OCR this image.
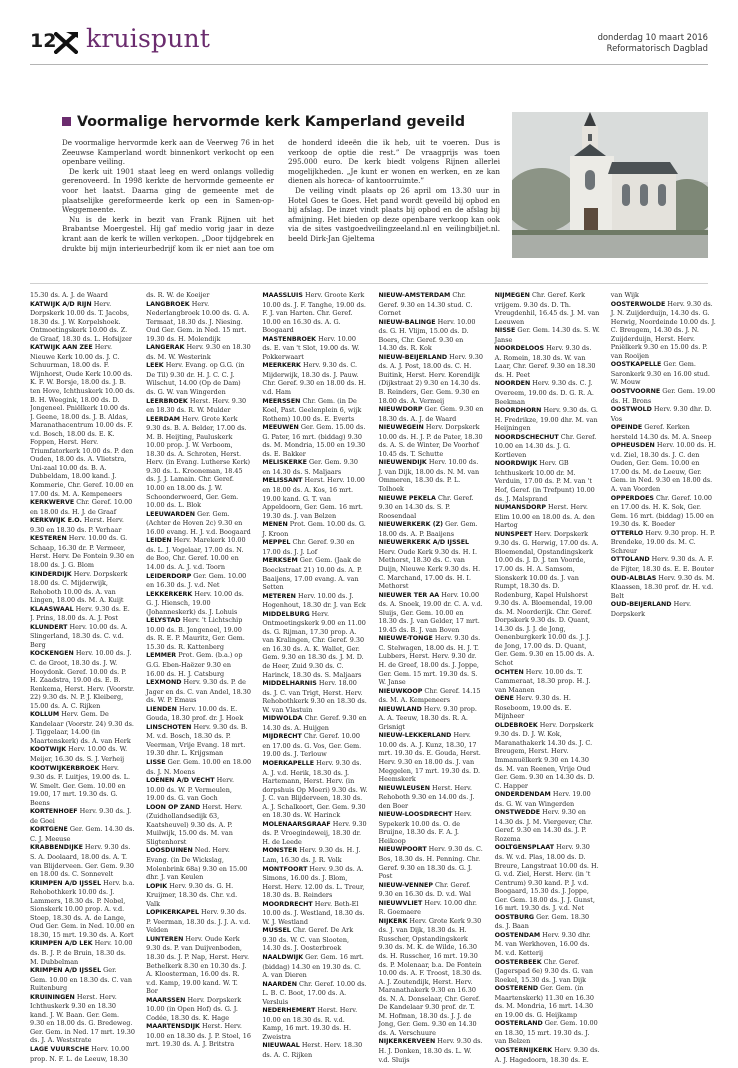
12 kruispunt	donderdag 10 maart 2016
Reformatorisch Dagblad
Voormalige hervormde kerk Kamperland geveild

De voormalige hervormde kerk aan de Veerweg 76 in het Zeeuwse Kamperland wordt binnenkort verkocht op een openbare veiling.

De kerk uit 1901 staat leeg en werd onlangs volledig gerenoveerd. In 1998 kerkte de hervormde gemeente er voor het laatst. Daarna ging de gemeente met de plaatselijke gereformeerde kerk op een in Samen-op-Weggemeente.

Nu is de kerk in bezit van Frank Rijnen uit het Brabantse Moergestel. Hij gaf medio vorig jaar in deze krant aan de kerk te willen verkopen. „Door tijdgebrek en drukte bij mijn interieurbedrijf kom ik er niet aan toe om de honderd ideeën die ik heb, uit te voeren. Dus is verkoop de optie die rest.” De vraagprijs was toen 295.000 euro. De kerk biedt volgens Rijnen allerlei mogelijkheden. „Je kunt er wonen en werken, en ze kan dienen als horeca- of kantoorruimte.”

De veiling vindt plaats op 26 april om 13.30 uur in Hotel Goes te Goes. Het pand wordt geveild bij opbod en bij afslag. De inzet vindt plaats bij opbod en de afslag bij afmijning. Het bieden op deze openbare verkoop kan ook via de sites vastgoedveilingzeeland.nl en veilingbiljet.nl. beeld Dirk-Jan Gjeltema

15.30 ds. A. J. de Waard

KATWIJK A/D RIJN Herv. Dorpskerk 10.00 ds. T. Jacobs, 18.30 ds. J. W. Korpelshoek. Ontmoetingskerk 10.00 ds. Z. de Graaf, 18.30 ds. L. Hofsijzer

KATWIJK AAN ZEE Herv. Nieuwe Kerk 10.00 ds. J. C. Schuurman, 18.00 ds. F. Wijnhorst, Oude Kerk 10.00 ds. K. F. W. Borsje, 18.00 ds. J. B. ten Hove, Ichthuskerk 10.00 ds. B. H. Weegink, 18.00 ds. D. Jongeneel. Pniëlkerk 10.00 ds. J. Geene, 18.00 ds. J. B. Aldas, Maranathacentrum 10.00 ds. F. v.d. Bosch, 18.00 ds. E. K. Foppen, Herst. Herv. Triumfatorkerk 10.00 ds. P. den Ouden, 18.00 ds. A. Vlietstra, Uni-zaal 10.00 ds. B. A. Dubbeldam, 18.00 kand. J. Kommerie, Chr. Geref. 10.00 en 17.00 ds. M. A. Kempeneers

KERKWERVE Chr. Geref. 10.00 en 18.00 ds. H. J. de Graaf

KERKWIJK E.O. Herst. Herv. 9.30 en 18.30 ds. P. Verhaar

KESTEREN Herv. 10.00 ds. G. Schaap, 16.30 dr. P. Vermeer, Herst. Herv. De Fontein 9.30 en 18.00 ds. J. G. Blom

KINDERDIJK Herv. Dorpskerk 18.00 ds. C. Mijderwijk, Rehoboth 10.00 ds. A. van Lingen, 18.00 ds. M. A. Kuijt

KLAASWAAL Herv. 9.30 ds. E. J. Prins, 18.00 ds. A. J. Post

KLUNDERT Herv. 10.00 ds. A. Slingerland, 18.30 ds. C. v.d. Berg

KOCKENGEN Herv. 10.00 ds. J. C. de Groot, 18.30 ds. J. W. Hooydonk. Geref. 10.00 ds. P. H. Zaadstra, 19.00 ds. E. B. Renkema, Herst. Herv. (Voorstr. 22) 9.30 ds. N. P. J. Kleiberg, 15.00 ds. A. C. Rijken

KOLLUM Herv. Gem. De Kandelaar (Voorstr. 24) 9.30 ds. J. Tiggelaar, 14.00 (in Maartenskerk) ds. A. van Herk

KOOTWIJK Herv. 10.00 ds. W. Meijer, 16.30 ds. S. J. Verheij

KOOTWIJKERBROEK Herv. 9.30 ds. F. Luitjes, 19.00 ds. L. W. Smelt. Ger. Gem. 10.00 en 19.00, 17 mrt. 19.30 ds. G. Beens

KORTENHOEF Herv. 9.30 ds. J. de Goei

KORTGENE Ger. Gem. 14.30 ds. C. J. Meeuse

KRABBENDIJKE Herv. 9.30 ds. S. A. Doolaard, 18.00 ds. A. T. van Blijderveen. Ger. Gem. 9.30 en 18.00 ds. C. Sonnevelt

KRIMPEN A/D IJSSEL Herv. b.a. Rehobothkerk 10.00 ds. J. Lammers, 18.30 ds. P. Nobel, Sionskerk 10.00 prop. A. v.d. Stoep, 18.30 ds. A. de Lange, Oud Ger. Gem. in Ned. 10.00 en 18.30, 15 mrt. 19.30 ds. A. Kort

KRIMPEN A/D LEK Herv. 10.00 ds. B. J. P. de Bruin, 18.30 ds. M. Dubbelman

KRIMPEN A/D IJSSEL Ger. Gem. 10.00 en 18.30 ds. C. van Ruitenburg

KRUININGEN Herst. Herv. Ichthuskerk 9.30 en 18.30 kand. J. W. Baan. Ger. Gem. 9.30 en 18.00 ds. G. Bredeweg. Ger. Gem. in Ned. 17 mrt. 19.30 ds. J. A. Weststrate

LAGE VUURSCHE Herv. 10.00 prop. N. F. L. de Leeuw, 18.30 ds. R. W. de Koeijer

LANGBROEK Herv. Nederlangbroek 10.00 ds. G. A. Termaat, 18.30 ds. J. Niesing. Oud Ger. Gem. in Ned. 15 mrt. 19.30 ds. H. Molendijk

LANGERAK Herv. 9.30 en 18.30 ds. M. W. Westerink

LEEK Herv. Evang. op G.G. (in De Til) 9.30 dr. H. J. C. C. J. Wilschut, 14.00 (Op de Dam) ds. G. W. van Wingerden

LEERBROEK Herst. Herv. 9.30 en 18.30 ds. R. W. Mulder

LEERDAM Herv. Grote Kerk 9.30 ds. B. A. Belder, 17.00 ds. M. B. Heijting, Pauluskerk 10.00 prop. J. W. Verboom, 18.30 ds. A. Schroten, Herst. Herv. (in Evang. Lutherse Kerk) 9.30 ds. L. Krooneman, 18.45 ds. J. J. Lamain. Chr. Geref. 10.00 en 18.00 ds. J. W. Schoonderwoerd, Ger. Gem. 10.00 ds. L. Blok

LEEUWARDEN Ger. Gem. (Achter de Hoven 2c) 9.30 en 16.00 evang. H. J. v.d. Boogaard

LEIDEN Herv. Marekerk 10.00 ds. L. J. Vogelaar, 17.00 ds. N. de Boo, Chr. Geref. 10.00 en 14.00 ds. A. J. v.d. Toorn

LEIDERDORP Ger. Gem. 10.00 en 16.30 ds. J. v.d. Net

LEKKERKERK Herv. 10.00 ds. G. J. Hiensch, 19.00 (Johanneskerk) ds. J. Lohuis

LELYSTAD Herv. 't Lichtschip 10.00 ds. B. Jongeneel, 19.00 ds. R. E. P. Mauritz, Ger. Gem. 15.30 ds. R. Kattenberg

LEMMER Prot. Gem. (b.a.) op G.G. Eben-Haëzer 9.30 en 16.00 ds. H. J. Catsburg

LEXMOND Herv. 9.30 ds. P. de Jager en ds. C. van Andel, 18.30 ds. W. P. Emaus

LIENDEN Herv. 10.00 ds. E. Gouda, 18.30 prof. dr. J. Hoek

LINSCHOTEN Herv. 9.30 ds. B. M. v.d. Bosch, 18.30 ds. P. Veerman, Vrije Evang. 18 mrt. 19.30 dhr. L. Krijgsman

LISSE Ger. Gem. 10.00 en 18.00 ds. J. N. Moens

LOENEN A/D VECHT Herv. 10.00 ds. W. P. Vermeulen, 19.00 ds. G. van Goch

LOON OP ZAND Herst. Herv. (Zuidhollandsedijk 63, Kaatsheuvel) 9.30 ds. A. P. Muilwijk, 15.00 ds. M. van Sligtenhorst

LOOSDUINEN Ned. Herv. Evang. (in De Wickslag, Molenbrink 68a) 9.30 en 15.00 dhr. J. van Keulen

LOPIK Herv. 9.30 ds. G. H. Kruijmer, 18.30 ds. Chr. v.d. Valk

LOPIKERKAPEL Herv. 9.30 ds. P. Veerman, 18.30 ds. J. J. A. v.d. Velden

LUNTEREN Herv. Oude Kerk 9.30 ds. P. van Duijvenboden, 18.30 ds. J. P. Nap, Herst. Herv. Bethelkerk 8.30 en 10.30 ds. J. A. Kloosterman, 16.00 ds. R. v.d. Kamp, 19.00 kand. W. T. Bor

MAARSSEN Herv. Dorpskerk 10.00 (in Open Hof) ds. G. J. Codée, 18.30 ds. K. Hage

MAARTENSDIJK Herst. Herv. 10.00 en 18.30 ds. J. P. Stoel, 16 mrt. 19.30 ds. A. J. Britstra

MAASSLUIS Herv. Groote Kerk 10.00 ds. J. F. Tanghe, 19.00 ds. F. J. van Harten. Chr. Geref. 10.00 en 16.30 ds. A. G. Boogaard

MASTENBROEK Herv. 10.00 ds. E. van 't Slot, 19.00 ds. W. Pokkerwaart

MEERKERK Herv. 9.30 ds. C. Mijderwijk, 18.30 ds. J. Pauw. Chr. Geref. 9.30 en 18.00 ds. H. v.d. Ham

MEERSSEN Chr. Gem. (in De Koel, Past. Geelenplein 6, wijk Rothem) 10.00 ds. E. Everts

MEEUWEN Ger. Gem. 15.00 ds. G. Pater, 16 mrt. (biddag) 9.30 ds. M. Mondria, 15.00 en 19.30 ds. E. Bakker

MELISKERKE Ger. Gem. 9.30 en 14.30 ds. S. Maljaars

MELISSANT Herst. Herv. 10.00 en 18.00 ds. A. Kos, 16 mrt. 19.00 kand. G. T. van Appeldoorn, Ger. Gem. 16 mrt. 19.30 ds. J. van Belzen

MENEN Prot. Gem. 10.00 ds. G. J. Kroon

MEPPEL Chr. Geref. 9.30 en 17.00 ds. J. J. Lof

MERKSEM Ger. Gem. (Jaak de Boeckstraat 21) 10.00 ds. A. P. Baaijens, 17.00 evang. A. van Setten

METEREN Herv. 10.00 ds. J. Hogenhout, 18.30 dr. J. van Eck

MIDDELBURG Herv. Ontmoetingskerk 9.00 en 11.00 ds. G. Rijman, 17.30 prop. A. van Kralingen, Chr. Geref. 9.30 en 16.30 ds. A. K. Wallet, Ger. Gem. 9.30 en 18.30 ds. J. M. D. de Heer, Zuid 9.30 ds. C. Harinck, 18.30 ds. S. Maljaars

MIDDELHARNIS Herv. 18.00 ds. J. C. van Trigt, Herst. Herv. Rehobothkerk 9.30 en 18.30 ds. W. van Vlastuin

MIDWOLDA Chr. Geref. 9.30 en 14.30 ds. A. Huijgen

MIJDRECHT Chr. Geref. 10.00 en 17.00 ds. G. Vos, Ger. Gem. 19.00 ds. J. Terlouw

MOERKAPELLE Herv. 9.30 ds. A. J. v.d. Herik, 18.30 ds. J. Hartemann, Herst. Herv. (in dorpshuis Op Moeri) 9.30 ds. W. J. C. van Blijderveen, 18.30 ds. A. J. Schalkoort, Ger. Gem. 9.30 en 18.30 ds. W. Harinck

MOLENAARSGRAAF Herv. 9.30 ds. P. Vroegindeweij, 18.30 dr. H. de Leede

MONSTER Herv. 9.30 ds. H. J. Lam, 16.30 ds. J. R. Volk

MONTFOORT Herv. 9.30 ds. A. Simons, 16.00 ds. J. Blom, Herst. Herv. 12.00 ds. L. Treur, 18.30 ds. B. Reinders

MOORDRECHT Herv. Beth-El 10.00 ds. J. Westland, 18.30 ds. W. J. Westland

MUSSEL Chr. Geref. De Ark 9.30 ds. W. C. van Slooten, 14.30 ds. J. Oosterbroek

NAALDWIJK Ger. Gem. 16 mrt. (biddag) 14.30 en 19.30 ds. C. A. van Dieren

NAARDEN Chr. Geref. 10.00 ds. L. B. C. Boot, 17.00 ds. A. Versluis

NEDERHEMERT Herst. Herv. 10.00 en 18.30 ds. R. v.d. Kamp, 16 mrt. 19.30 ds. H. Zweistra

NIEUWAAL Herst. Herv. 18.30 ds. A. C. Rijken

NIEUW-AMSTERDAM Chr. Geref. 9.30 en 14.30 stud. C. Cornet

NIEUW-BALINGE Herv. 10.00 ds. G. H. Vlijm, 15.00 ds. D. Boers, Chr. Geref. 9.30 en 14.30 ds. R. Kok

NIEUW-BEIJERLAND Herv. 9.30 ds. A. J. Post, 18.00 ds. C. H. Buitink, Herst. Herv. Korendijk (Dijkstraat 2) 9.30 en 14.30 ds. B. Reinders, Ger. Gem. 9.30 en 18.00 ds. A. Vermeij

NIEUWDORP Ger. Gem. 9.30 en 18.30 ds. A. J. de Waard

NIEUWEGEIN Herv. Dorpskerk 10.00 ds. H. J. P. de Pater, 18.30 ds. A. S. de Winter, De Voorhof 10.45 ds. T. Schutte

NIEUWENDIJK Herv. 10.00 ds. J. van Dijk, 18.00 ds. N. M. van Ommeren, 18.30 ds. P. L. Tolhoek

NIEUWE PEKELA Chr. Geref. 9.30 en 14.30 ds. S. P. Roosendaal

NIEUWERKERK (Z) Ger. Gem. 18.00 ds. A. P. Baaijens

NIEUWERKERK A/D IJSSEL Herv. Oude Kerk 9.30 ds. H. I. Methorst, 18.30 ds. C. van Duijn, Nieuwe Kerk 9.30 ds. H. C. Marchand, 17.00 ds. H. I. Methorst

NIEUWER TER AA Herv. 10.00 ds. A. Snoek, 19.00 dr. C. A. v.d. Sluijs, Ger. Gem. 10.00 en 18.30 ds. J. van Gelder, 17 mrt. 19.45 ds. B. J. van Boven

NIEUWE-TONGE Herv. 9.30 ds. C. Stelwagen, 18.00 ds. H. J. T. Lubbers, Herst. Herv. 9.30 dr. H. de Greef, 18.00 ds. J. Joppe, Ger. Gem. 15 mrt. 19.30 ds. S. W. Janse

NIEUWKOOP Chr. Geref. 14.15 ds. M. A. Kempeneers

NIEUWLAND Herv. 9.30 prop. A. A. Teeuw, 18.30 ds. R. A. Grisnigt

NIEUW-LEKKERLAND Herv. 10.00 ds. A. J. Kunz, 18.30, 17 mrt. 19.30 ds. E. Gouda, Herst. Herv. 9.30 en 18.00 ds. J. van Meggelen, 17 mrt. 19.30 ds. D. Heemskerk

NIEUWLEUSEN Herst. Herv. Rehoboth 9.30 en 14.00 ds. J. den Boer

NIEUW-LOOSDRECHT Herv. Sypekerk 10.00 ds. O. de Bruijne, 18.30 ds. F. A. J. Heikoop

NIEUWPOORT Herv. 9.30 ds. C. Bos, 18.30 ds. H. Penning. Chr. Geref. 9.30 en 18.30 ds. G. J. Post

NIEUW-VENNEP Chr. Geref. 9.30 en 16.30 ds. D. v.d. Wal

NIEUWVLIET Herv. 10.00 dhr. R. Goemaere

NIJKERK Herv. Grote Kerk 9.30 ds. J. van Dijk, 18.30 ds. H. Russcher, Opstandingskerk 9.30 ds. M. K. de Wilde, 16.30 ds. H. Russcher, 16 mrt. 19.30 ds. P. Molenaar, b.a. De Fontein 10.00 ds. A. F. Troost, 18.30 ds. A. J. Zoutendijk, Herst. Herv. Maranathakerk 9.30 en 16.30 ds. N. A. Donselaar, Chr. Geref. De Kandelaar 9.30 prof. dr. T. M. Hofman, 18.30 ds. J. J. de Jong, Ger. Gem. 9.30 en 14.30 ds. A. Verschuure

NIJKERKERVEEN Herv. 9.30 ds. H. J. Donken, 18.30 ds. L. W. v.d. Sluijs

NIJMEGEN Chr. Geref. Kerk vrijgem. 9.30 ds. D. Th. Vreugdenhil, 16.45 ds. J. M. van Leeuwen

NISSE Ger. Gem. 14.30 ds. S. W. Janse

NOORDELOOS Herv. 9.30 ds. A. Romein, 18.30 ds. W. van Laar, Chr. Geref. 9.30 en 18.30 ds. H. Peet

NOORDEN Herv. 9.30 ds. C. J. Overeem, 19.00 ds. D. G. R. A. Beekman

NOORDHORN Herv. 9.30 ds. G. H. Fredrikze, 19.00 dhr. M. van Heijningen

NOORDSCHECHUT Chr. Geref. 10.00 en 14.30 ds. J. G. Kortleven

NOORDWIJK Herv. GB Ichthuskerk 10.00 dr. M. Verduin, 17.00 ds. P. M. van 't Hof, Geref. (in Trefpunt) 10.00 ds. J. Malsprand

NUMANSDORP Herst. Herv. Elim 10.00 en 18.00 ds. A. den Hartog

NUNSPEET Herv. Dorpskerk 9.30 ds. G. Herwig, 17.00 ds. A. Bloemendal, Opstandingskerk 10.00 ds. J. D. J. ten Voorde, 17.00 ds. H. A. Samsom, Sionskerk 10.00 ds. J. van Rumpt, 18.30 ds. D. Rodenburg, Kapel Hulshorst 9.30 ds. A. Bloemendal, 19.00 ds. M. Noorderijk. Chr. Geref. Dorpskerk 9.30 ds. D. Quant, 14.30 ds. J. J. de Jong, Oenenburgkerk 10.00 ds. J. J. de Jong, 17.00 ds. D. Quant, Ger. Gem. 9.30 en 15.00 ds. A. Schot

OCHTEN Herv. 10.00 ds. T. Cammeraat, 18.30 prop. H. J. van Maanen

OENE Herv. 9.30 ds. H. Roseboom, 19.00 ds. E. Mijnheer

OLDEBROEK Herv. Dorpskerk 9.30 ds. D. J. W. Kok, Maranathakerk 14.30 ds. J. C. Breugem, Herst. Herv. Immanuëlkerk 9.30 en 14.30 ds. M. van Reenen, Vrije Oud Ger. Gem. 9.30 en 14.30 ds. D. C. Happer

ONDERDENDAM Herv. 19.00 ds. G. W. van Wingerden

ONSTWEDDE Herv. 9.30 en 14.30 ds. J. M. Viergever, Chr. Geref. 9.30 en 14.30 ds. J. P. Rozema

OOLTGENSPLAAT Herv. 9.30 ds. W. v.d. Plas, 18.00 ds. D. Breure, Langstraat 10.00 ds. H. G. v.d. Ziel, Herst. Herv. (in 't Centrum) 9.30 kand. P. J. v.d. Boogaard, 15.30 ds. J. Joppe, Ger. Gem. 18.00 ds. J. J. Gunst, 16 mrt. 19.30 ds. J. v.d. Net

OOSTBURG Ger. Gem. 18.30 ds. J. Baan

OOSTENDAM Herv. 9.30 dhr. M. van Werkhoven, 16.00 ds. M. v.d. Ketterij

OOSTERBEEK Chr. Geref. (Jagerspad 6e) 9.30 ds. G. van Roekel, 15.30 ds. J. van Dijk

OOSTEREND Ger. Gem. (in Maartenskerk) 11.30 en 16.30 ds. M. Mondria, 16 mrt. 14.30 en 19.00 ds. G. Heijkamp

OOSTERLAND Ger. Gem. 10.00 en 18.30, 15 mrt. 19.30 ds. J. van Belzen

OOSTERNIJKERK Herv. 9.30 ds. A. J. Hagedoorn, 18.30 ds. E. van Wijk

OOSTERWOLDE Herv. 9.30 ds. J. N. Zuijderduijn, 14.30 ds. G. Herwig, Noordeinde 10.00 ds. J. C. Breugem, 14.30 ds. J. N. Zuijderduijn, Herst. Herv. Pniëlkerk 9.30 en 15.00 ds. P. van Rooijen

OOSTKAPELLE Ger. Gem. Saronkerk 9.30 en 16.00 stud. W. Mouw

OOSTVOORNE Ger. Gem. 19.00 ds. H. Brons

OOSTWOLD Herv. 9.30 dhr. D. Vos

OPEINDE Geref. Kerken hersteld 14.30 ds. M. A. Sneep

OPHEUSDEN Herv. 10.00 ds. H. v.d. Ziel, 18.30 ds. J. C. den Ouden, Ger. Gem. 10.00 en 17.00 ds. M. de Leeuw, Ger. Gem. in Ned. 9.30 en 18.00 ds. A. van Voorden

OPPERDOES Chr. Geref. 10.00 en 17.00 ds. H. K. Sok, Ger. Gem. 16 mrt. (biddag) 15.00 en 19.30 ds. K. Boeder

OTTERLO Herv. 9.30 prop. H. P. Brendeke, 19.00 ds. M. C. Schreur

OTTOLAND Herv. 9.30 ds. A. F. de Fijter, 18.30 ds. E. E. Bouter

OUD-ALBLAS Herv. 9.30 ds. M. Klaassen, 18.30 prof. dr. H. v.d. Belt

OUD-BEIJERLAND Herv. Dorpskerk
